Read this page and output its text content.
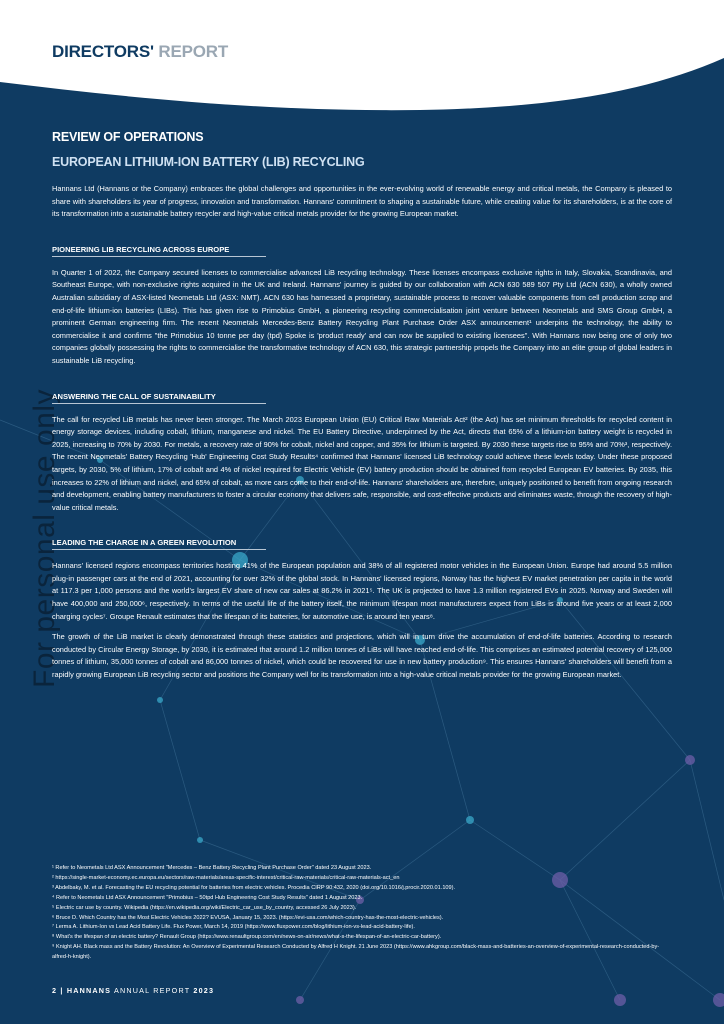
DIRECTORS' REPORT
For personal use only
REVIEW OF OPERATIONS
EUROPEAN LITHIUM-ION BATTERY (LIB) RECYCLING

Hannans Ltd (Hannans or the Company) embraces the global challenges and opportunities in the ever-evolving world of renewable energy and critical metals, the Company is pleased to share with shareholders its year of progress, innovation and transformation. Hannans' commitment to shaping a sustainable future, while creating value for its shareholders, is at the core of its transformation into a sustainable battery recycler and high-value critical metals provider for the growing European market.

PIONEERING LIB RECYCLING ACROSS EUROPE

In Quarter 1 of 2022, the Company secured licenses to commercialise advanced LiB recycling technology. These licenses encompass exclusive rights in Italy, Slovakia, Scandinavia, and Southeast Europe, with non-exclusive rights acquired in the UK and Ireland. Hannans' journey is guided by our collaboration with ACN 630 589 507 Pty Ltd (ACN 630), a wholly owned Australian subsidiary of ASX-listed Neometals Ltd (ASX: NMT). ACN 630 has harnessed a proprietary, sustainable process to recover valuable components from cell production scrap and end-of-life lithium-ion batteries (LIBs). This has given rise to Primobius GmbH, a pioneering recycling commercialisation joint venture between Neometals and SMS Group GmbH, a prominent German engineering firm. The recent Neometals Mercedes-Benz Battery Recycling Plant Purchase Order ASX announcement¹ underpins the technology, the ability to commercialise it and confirms "the Primobius 10 tonne per day (tpd) Spoke is 'product ready' and can now be supplied to existing licensees". With Hannans now being one of only two companies globally possessing the rights to commercialise the transformative technology of ACN 630, this strategic partnership propels the Company into an elite group of global leaders in sustainable LiB recycling.

ANSWERING THE CALL OF SUSTAINABILITY

The call for recycled LiB metals has never been stronger. The March 2023 European Union (EU) Critical Raw Materials Act² (the Act) has set minimum thresholds for recycled content in energy storage devices, including cobalt, lithium, manganese and nickel. The EU Battery Directive, underpinned by the Act, directs that 65% of a lithium-ion battery weight is recycled in 2025, increasing to 70% by 2030. For metals, a recovery rate of 90% for cobalt, nickel and copper, and 35% for lithium is targeted. By 2030 these targets rise to 95% and 70%³, respectively. The recent Neometals' Battery Recycling 'Hub' Engineering Cost Study Results⁴ confirmed that Hannans' licensed LiB technology could achieve these levels today. Under these proposed targets, by 2030, 5% of lithium, 17% of cobalt and 4% of nickel required for Electric Vehicle (EV) battery production should be obtained from recycled European EV batteries. By 2035, this increases to 22% of lithium and nickel, and 65% of cobalt, as more cars come to their end-of-life. Hannans' shareholders are, therefore, uniquely positioned to benefit from ongoing research and development, enabling battery manufacturers to foster a circular economy that delivers safe, responsible, and cost-effective products and eliminates waste, through the recovery of high-value critical metals.

LEADING THE CHARGE IN A GREEN REVOLUTION

Hannans' licensed regions encompass territories hosting 41% of the European population and 38% of all registered motor vehicles in the European Union. Europe had around 5.5 million plug-in passenger cars at the end of 2021, accounting for over 32% of the global stock. In Hannans' licensed regions, Norway has the highest EV market penetration per capita in the world at 117.3 per 1,000 persons and the world's largest EV share of new car sales at 86.2% in 2021⁵. The UK is projected to have 1.3 million registered EVs in 2025. Norway and Sweden will have 400,000 and 250,000⁶, respectively. In terms of the useful life of the battery itself, the minimum lifespan most manufacturers expect from LiBs is around five years or at least 2,000 charging cycles⁷. Groupe Renault estimates that the lifespan of its batteries, for automotive use, is around ten years⁸.

The growth of the LiB market is clearly demonstrated through these statistics and projections, which will in turn drive the accumulation of end-of-life batteries. According to research conducted by Circular Energy Storage, by 2030, it is estimated that around 1.2 million tonnes of LiBs will have reached end-of-life. This comprises an estimated potential recovery of 125,000 tonnes of lithium, 35,000 tonnes of cobalt and 86,000 tonnes of nickel, which could be recovered for use in new battery production⁹. This ensures Hannans' shareholders will benefit from a rapidly growing European LiB recycling sector and positions the Company well for its transformation into a high-value critical metals provider for the growing European market.

¹ Refer to Neometals Ltd ASX Announcement "Mercedes – Benz Battery Recycling Plant Purchase Order" dated 23 August 2023.
² https://single-market-economy.ec.europa.eu/sectors/raw-materials/areas-specific-interest/critical-raw-materials/critical-raw-materials-act_en
³ Abdelbaky, M. et al. Forecasting the EU recycling potential for batteries from electric vehicles. Procedia CIRP 90:432, 2020 (doi.org/10.1016/j.procir.2020.01.109).
⁴ Refer to Neometals Ltd ASX Announcement "Primobius – 50tpd Hub Engineering Cost Study Results" dated 1 August 2023.
⁵ Electric car use by country. Wikipedia (https://en.wikipedia.org/wiki/Electric_car_use_by_country, accessed 26 July 2023).
⁶ Bruce D. Which Country has the Most Electric Vehicles 2022? EVUSA, January 15, 2023. (https://evi-usa.com/which-country-has-the-most-electric-vehicles).
⁷ Lerma A. Lithium-Ion vs Lead Acid Battery Life. Flux Power, March 14, 2019 (https://www.fluxpower.com/blog/lithium-ion-vs-lead-acid-battery-life).
⁸ What's the lifespan of an electric battery? Renault Group (https://www.renaultgroup.com/en/news-on-air/news/what-s-the-lifespan-of-an-electric-car-battery).
⁹ Knight AH. Black mass and the Battery Revolution: An Overview of Experimental Research Conducted by Alfred H Knight. 21 June 2023 (https://www.ahkgroup.com/black-mass-and-batteries-an-overview-of-experimental-research-conducted-by-alfred-h-knight).
2 | HANNANS ANNUAL REPORT 2023
